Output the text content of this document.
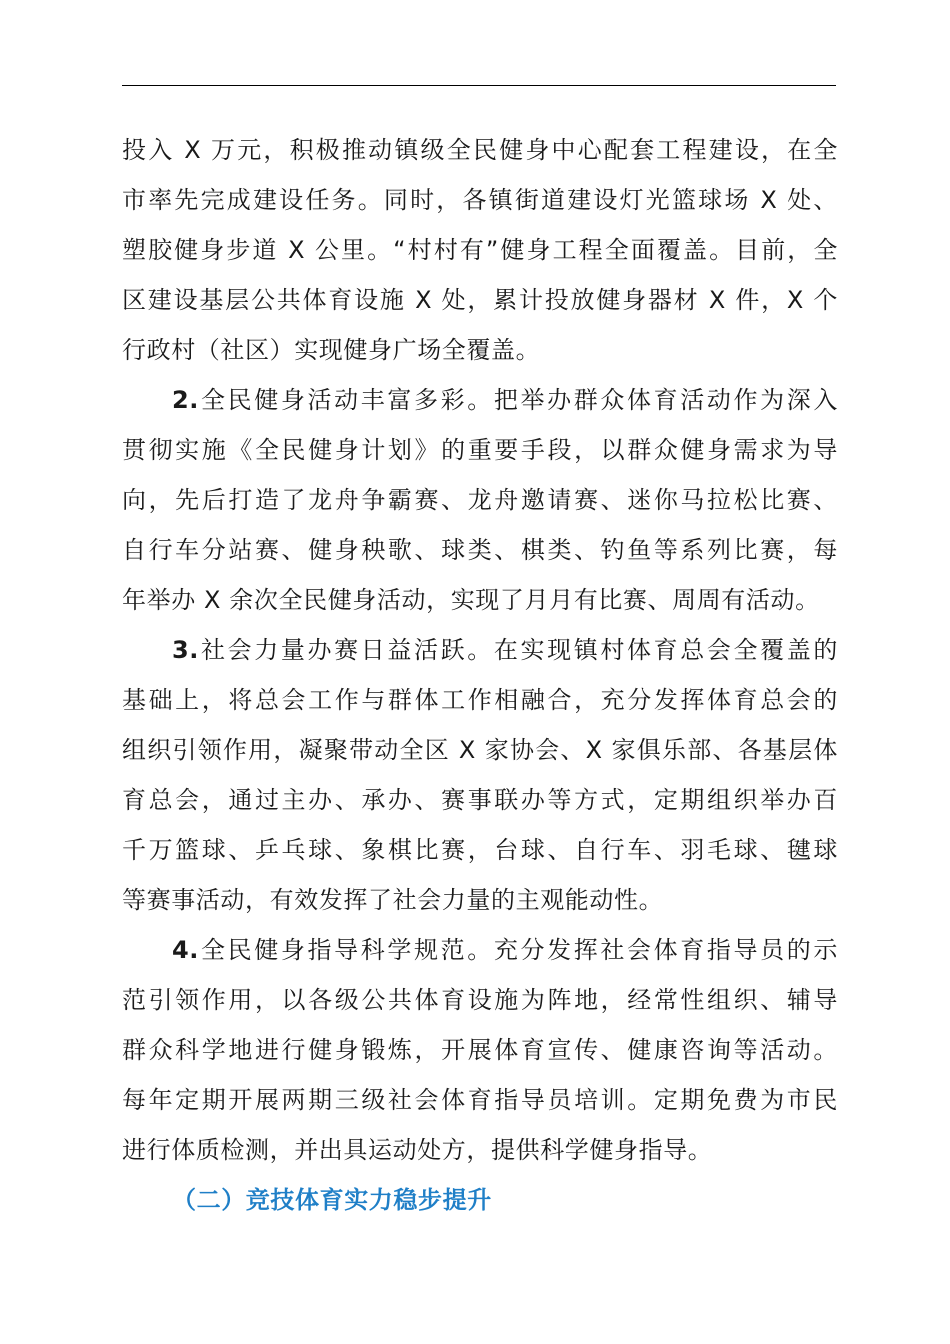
投入 X 万元，积极推动镇级全民健身中心配套工程建设，在全
市率先完成建设任务。同时，各镇街道建设灯光篮球场 X 处、
塑胶健身步道 X 公里。“村村有”健身工程全面覆盖。目前，全
区建设基层公共体育设施 X 处，累计投放健身器材 X 件，X 个
行政村（社区）实现健身广场全覆盖。
2.全民健身活动丰富多彩。把举办群众体育活动作为深入
贯彻实施《全民健身计划》的重要手段，以群众健身需求为导
向，先后打造了龙舟争霸赛、龙舟邀请赛、迷你马拉松比赛、
自行车分站赛、健身秧歌、球类、棋类、钓鱼等系列比赛，每
年举办 X 余次全民健身活动，实现了月月有比赛、周周有活动。
3.社会力量办赛日益活跃。在实现镇村体育总会全覆盖的
基础上，将总会工作与群体工作相融合，充分发挥体育总会的
组织引领作用，凝聚带动全区 X 家协会、X 家俱乐部、各基层体
育总会，通过主办、承办、赛事联办等方式，定期组织举办百
千万篮球、乒乓球、象棋比赛，台球、自行车、羽毛球、毽球
等赛事活动，有效发挥了社会力量的主观能动性。
4.全民健身指导科学规范。充分发挥社会体育指导员的示
范引领作用，以各级公共体育设施为阵地，经常性组织、辅导
群众科学地进行健身锻炼，开展体育宣传、健康咨询等活动。
每年定期开展两期三级社会体育指导员培训。定期免费为市民
进行体质检测，并出具运动处方，提供科学健身指导。
（二）竞技体育实力稳步提升
